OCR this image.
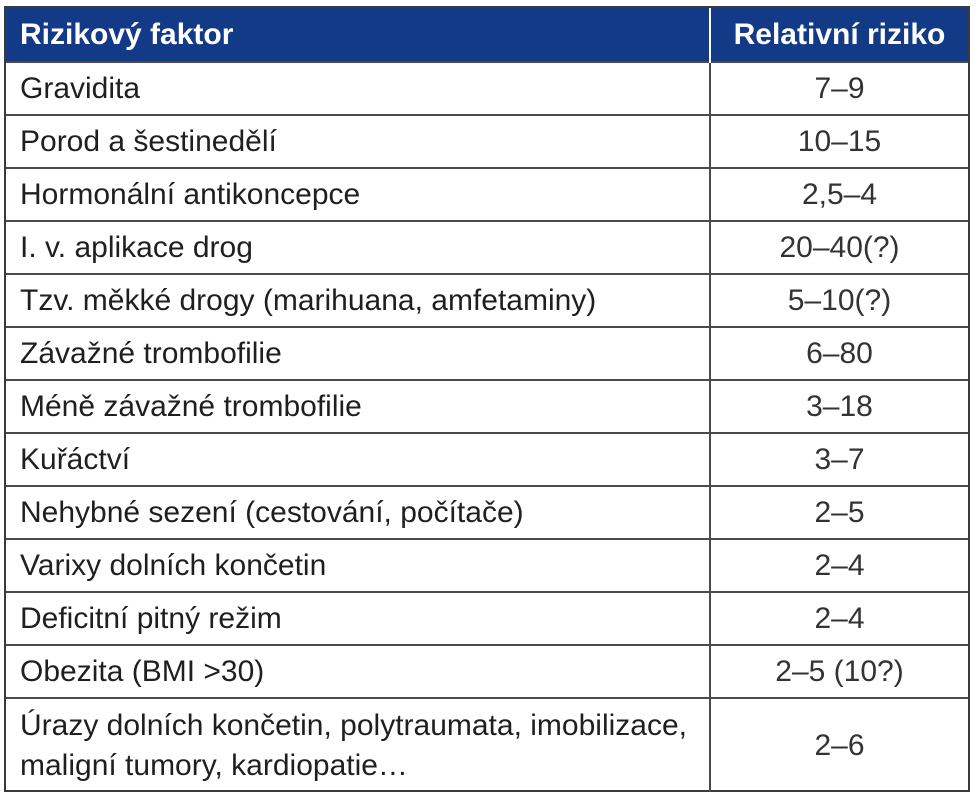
Rizikový faktor	Relativní riziko
Gravidita	7–9
Porod a šestinedělí	10–15
Hormonální antikoncepce	2,5–4
I. v. aplikace drog	20–40(?)
Tzv. měkké drogy (marihuana, amfetaminy)	5–10(?)
Závažné trombofilie	6–80
Méně závažné trombofilie	3–18
Kuřáctví	3–7
Nehybné sezení (cestování, počítače)	2–5
Varixy dolních končetin	2–4
Deficitní pitný režim	2–4
Obezita (BMI >30)	2–5 (10?)
Úrazy dolních končetin, polytraumata, imobilizace, maligní tumory, kardiopatie…	2–6
